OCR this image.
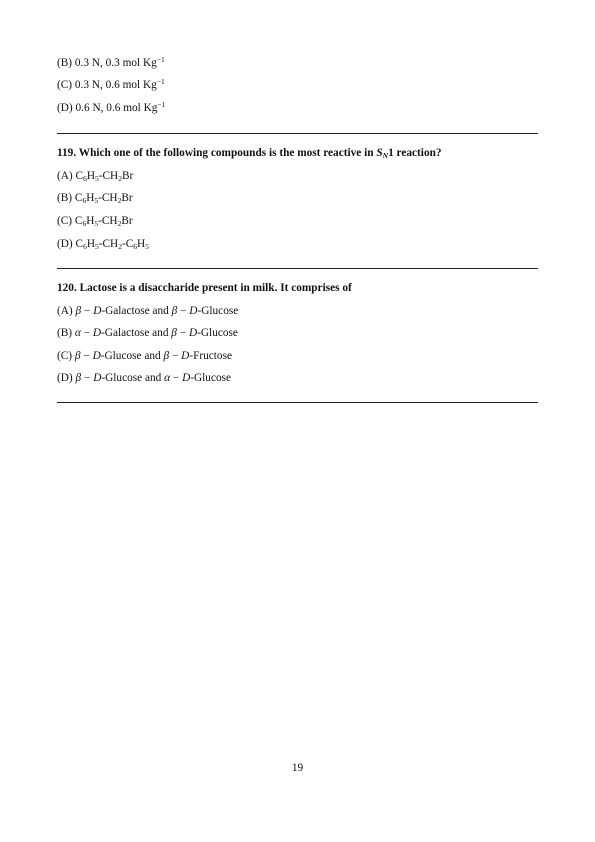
(B) 0.3 N, 0.3 mol $Kg^{-1}$
(C) 0.3 N, 0.6 mol $Kg^{-1}$
(D) 0.6 N, 0.6 mol $Kg^{-1}$
119. Which one of the following compounds is the most reactive in $S_N1$ reaction?
(A) $C_6H_5-CH_2Br$
(B) $C_6H_5-CH_2Br$
(C) $C_6H_5-CH_2Br$
(D) $C_6H_5-CH_2-C_6H_5$
120. Lactose is a disaccharide present in milk. It comprises of
(A) β − D-Galactose and β − D-Glucose
(B) α − D-Galactose and β − D-Glucose
(C) β − D-Glucose and β − D-Fructose
(D) β − D-Glucose and α − D-Glucose
19
